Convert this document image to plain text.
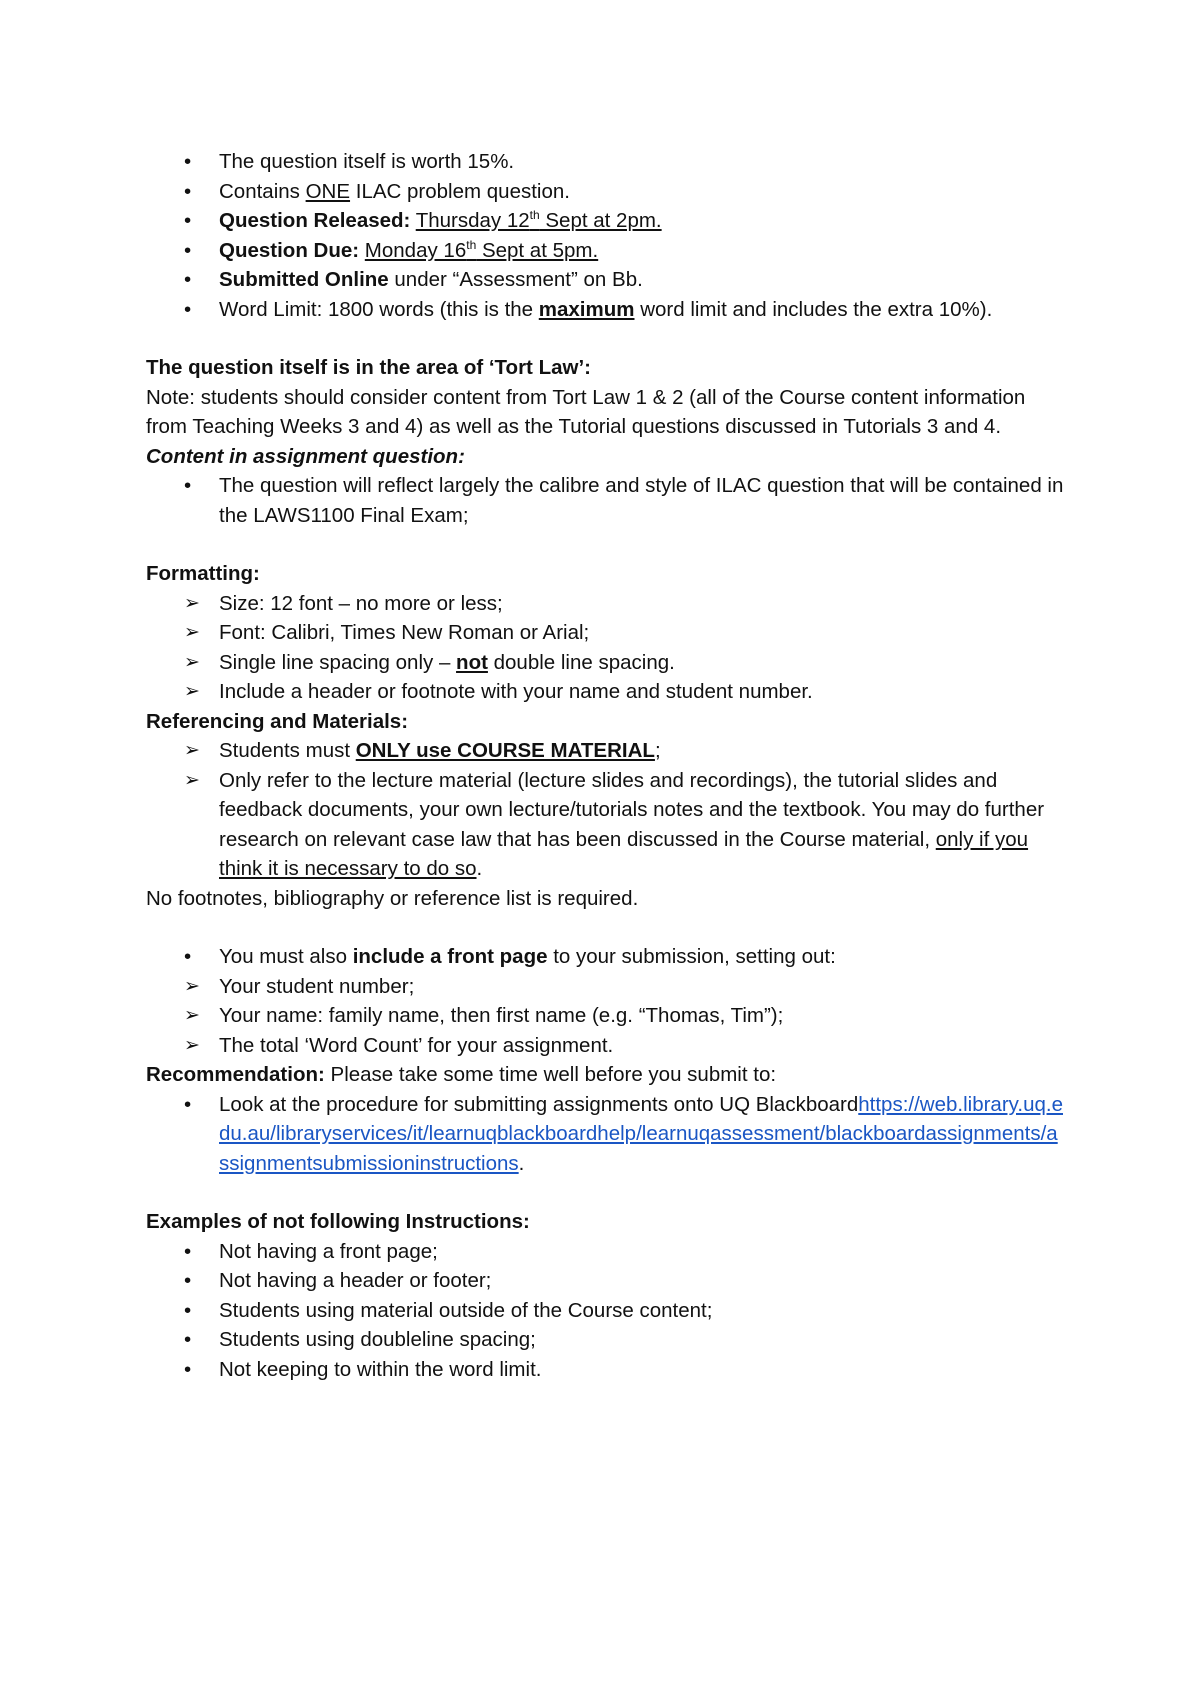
• The question itself is worth 15%.
• Contains ONE ILAC problem question.
• Question Released: Thursday 12th Sept at 2pm.
• Question Due: Monday 16th Sept at 5pm.
• Submitted Online under “Assessment” on Bb.
• Word Limit: 1800 words (this is the maximum word limit and includes the extra 10%).
The question itself is in the area of ‘Tort Law’:
Note: students should consider content from Tort Law 1 & 2 (all of the Course content information from Teaching Weeks 3 and 4) as well as the Tutorial questions discussed in Tutorials 3 and 4.
Content in assignment question:
• The question will reflect largely the calibre and style of ILAC question that will be contained in the LAWS1100 Final Exam;
Formatting:
➢ Size: 12 font – no more or less;
➢ Font: Calibri, Times New Roman or Arial;
➢ Single line spacing only – not double line spacing.
➢ Include a header or footnote with your name and student number.
Referencing and Materials:
➢ Students must ONLY use COURSE MATERIAL;
➢ Only refer to the lecture material (lecture slides and recordings), the tutorial slides and feedback documents, your own lecture/tutorials notes and the textbook. You may do further research on relevant case law that has been discussed in the Course material, only if you think it is necessary to do so.
No footnotes, bibliography or reference list is required.
• You must also include a front page to your submission, setting out:
➢ Your student number;
➢ Your name: family name, then first name (e.g. “Thomas, Tim”);
➢ The total ‘Word Count’ for your assignment.
Recommendation: Please take some time well before you submit to:
• Look at the procedure for submitting assignments onto UQ Blackboardhttps://web.library.uq.edu.au/libraryservices/it/learnuqblackboardhelp/learnuqassessment/blackboardassignments/assignmentsubmissioninstructions.
Examples of not following Instructions:
• Not having a front page;
• Not having a header or footer;
• Students using material outside of the Course content;
• Students using doubleline spacing;
• Not keeping to within the word limit.
